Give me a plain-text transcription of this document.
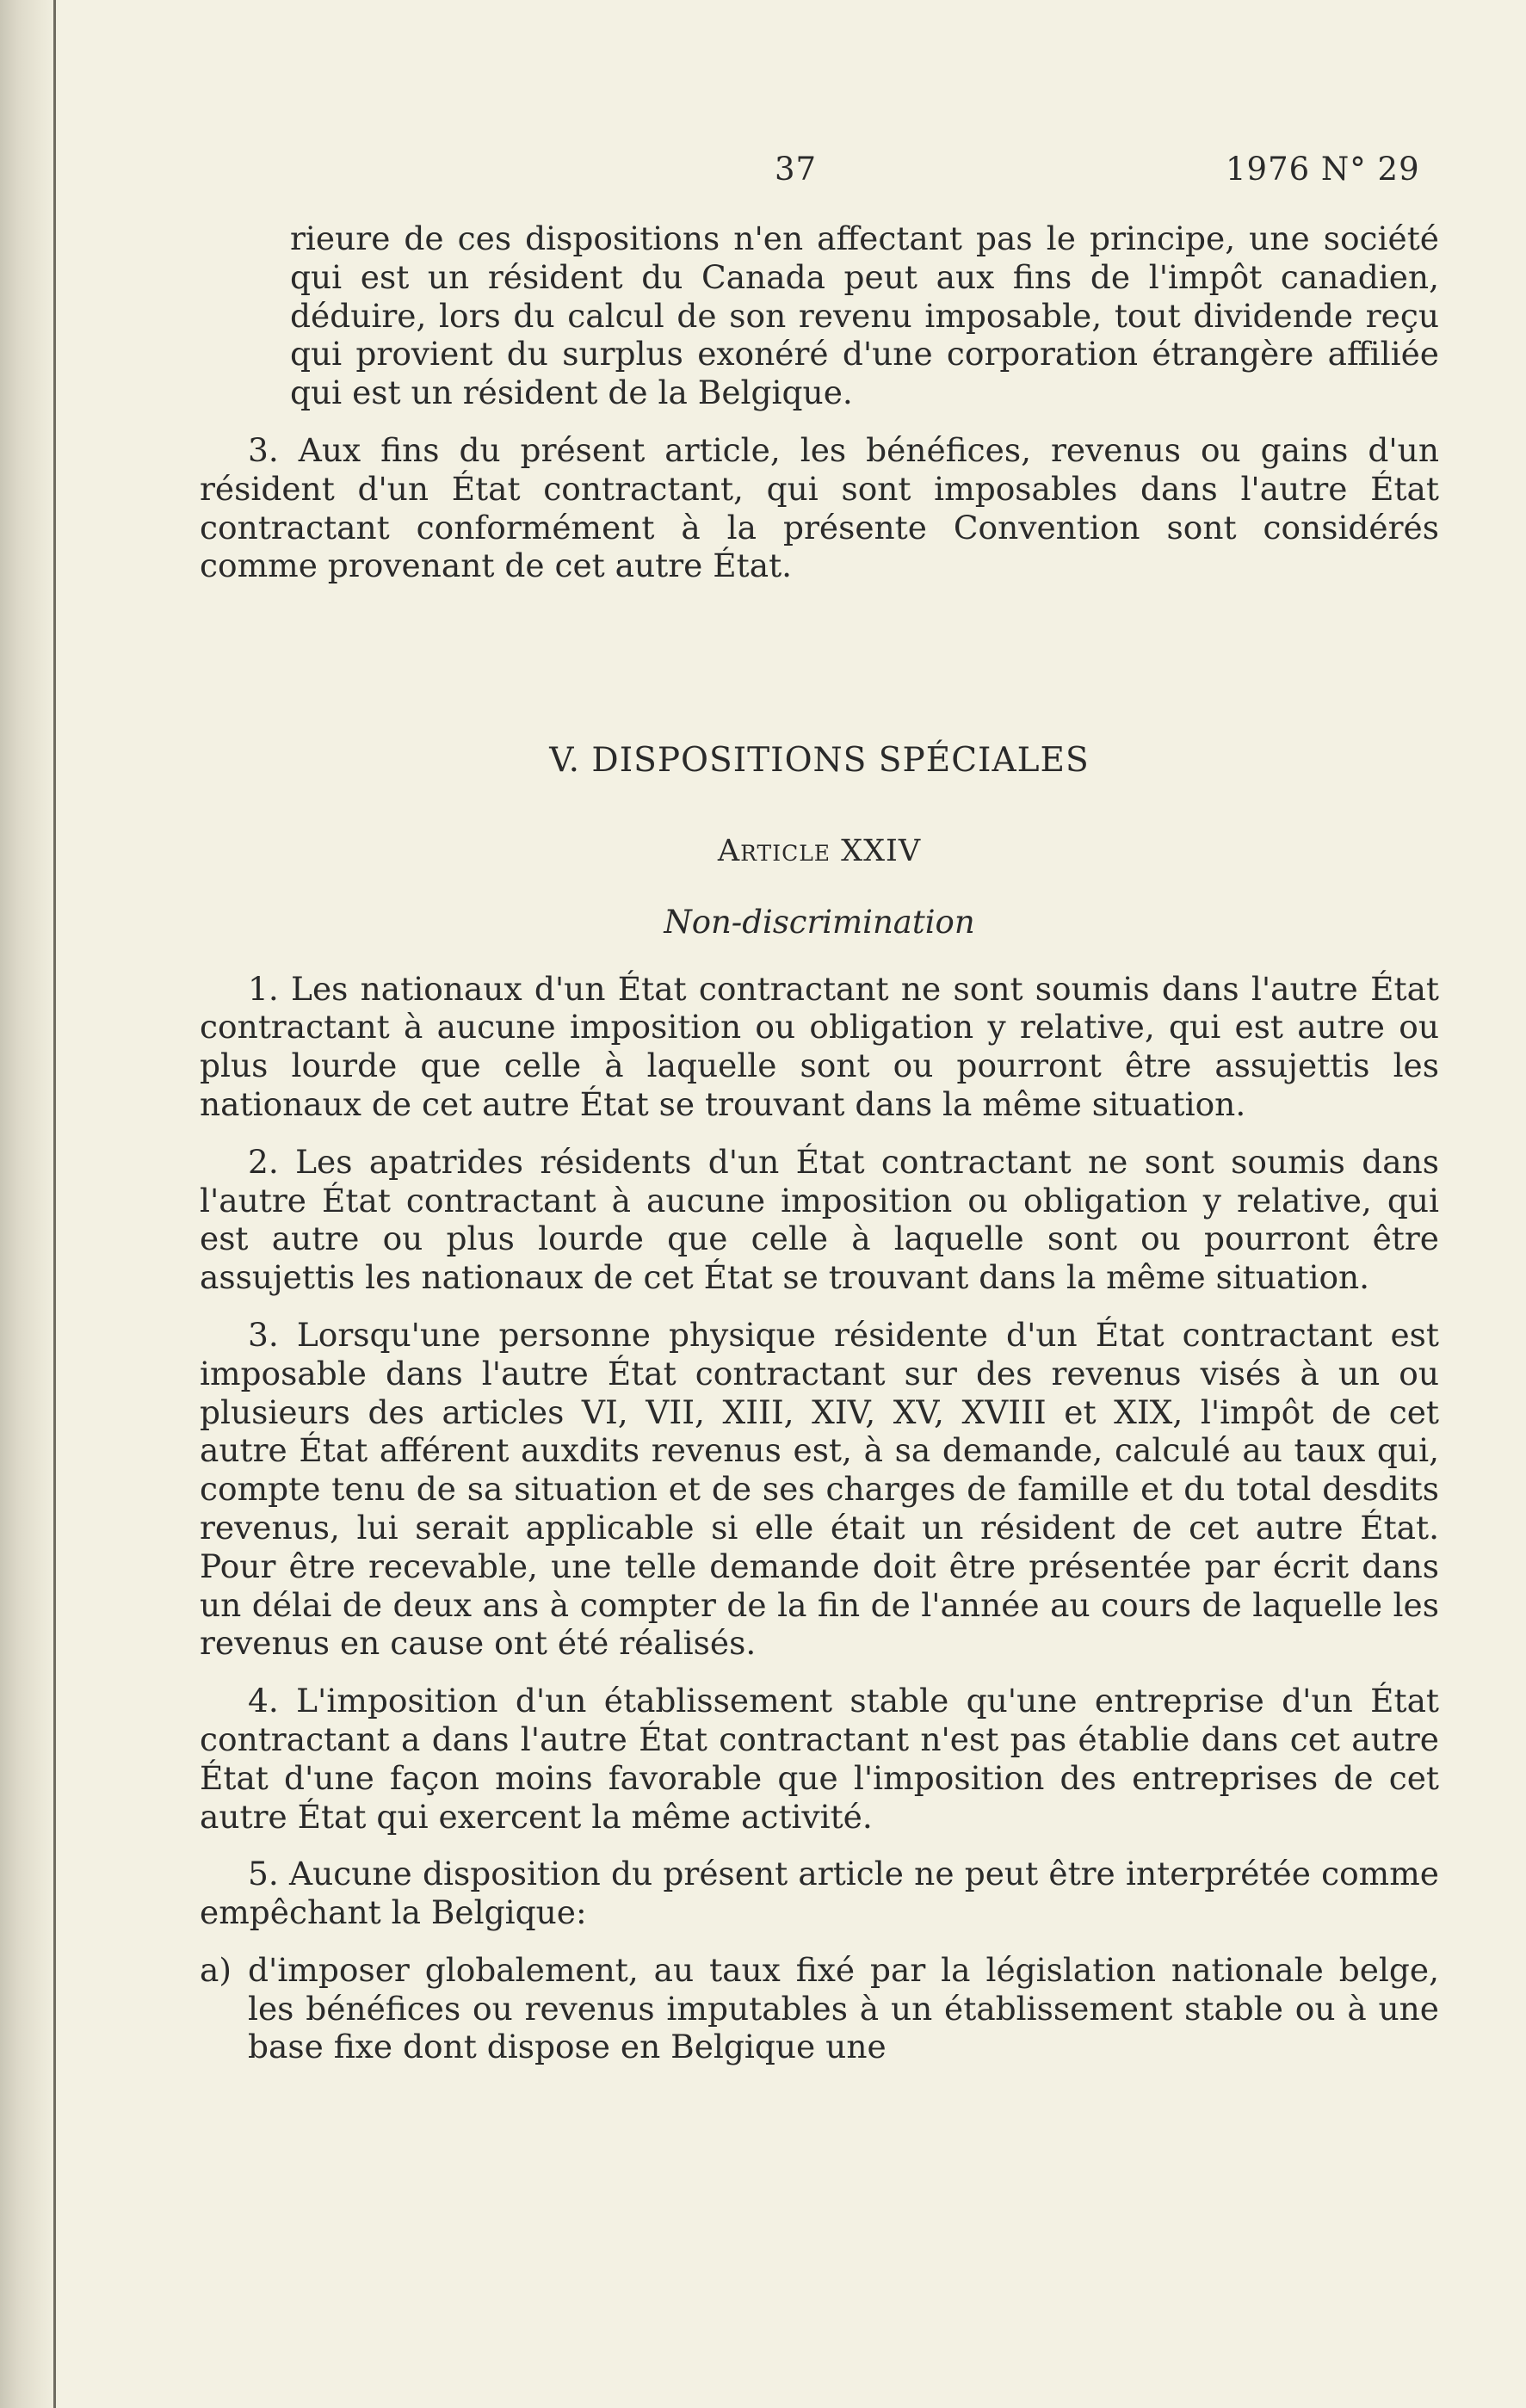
37	1976 N° 29

rieure de ces dispositions n'en affectant pas le principe, une société qui est un résident du Canada peut aux fins de l'impôt canadien, déduire, lors du calcul de son revenu imposable, tout dividende reçu qui provient du surplus exonéré d'une corporation étrangère affiliée qui est un résident de la Belgique.

3. Aux fins du présent article, les bénéfices, revenus ou gains d'un résident d'un État contractant, qui sont imposables dans l'autre État contractant conformément à la présente Convention sont considérés comme provenant de cet autre État.

V. DISPOSITIONS SPÉCIALES
Article XXIV
Non-discrimination

1. Les nationaux d'un État contractant ne sont soumis dans l'autre État contractant à aucune imposition ou obligation y relative, qui est autre ou plus lourde que celle à laquelle sont ou pourront être assujettis les nationaux de cet autre État se trouvant dans la même situation.

2. Les apatrides résidents d'un État contractant ne sont soumis dans l'autre État contractant à aucune imposition ou obligation y relative, qui est autre ou plus lourde que celle à laquelle sont ou pourront être assujettis les nationaux de cet État se trouvant dans la même situation.

3. Lorsqu'une personne physique résidente d'un État contractant est imposable dans l'autre État contractant sur des revenus visés à un ou plusieurs des articles VI, VII, XIII, XIV, XV, XVIII et XIX, l'impôt de cet autre État afférent auxdits revenus est, à sa demande, calculé au taux qui, compte tenu de sa situation et de ses charges de famille et du total desdits revenus, lui serait applicable si elle était un résident de cet autre État. Pour être recevable, une telle demande doit être présentée par écrit dans un délai de deux ans à compter de la fin de l'année au cours de laquelle les revenus en cause ont été réalisés.

4. L'imposition d'un établissement stable qu'une entreprise d'un État contractant a dans l'autre État contractant n'est pas établie dans cet autre État d'une façon moins favorable que l'imposition des entreprises de cet autre État qui exercent la même activité.

5. Aucune disposition du présent article ne peut être interprétée comme empêchant la Belgique:

a) d'imposer globalement, au taux fixé par la législation nationale belge, les bénéfices ou revenus imputables à un établissement stable ou à une base fixe dont dispose en Belgique une
